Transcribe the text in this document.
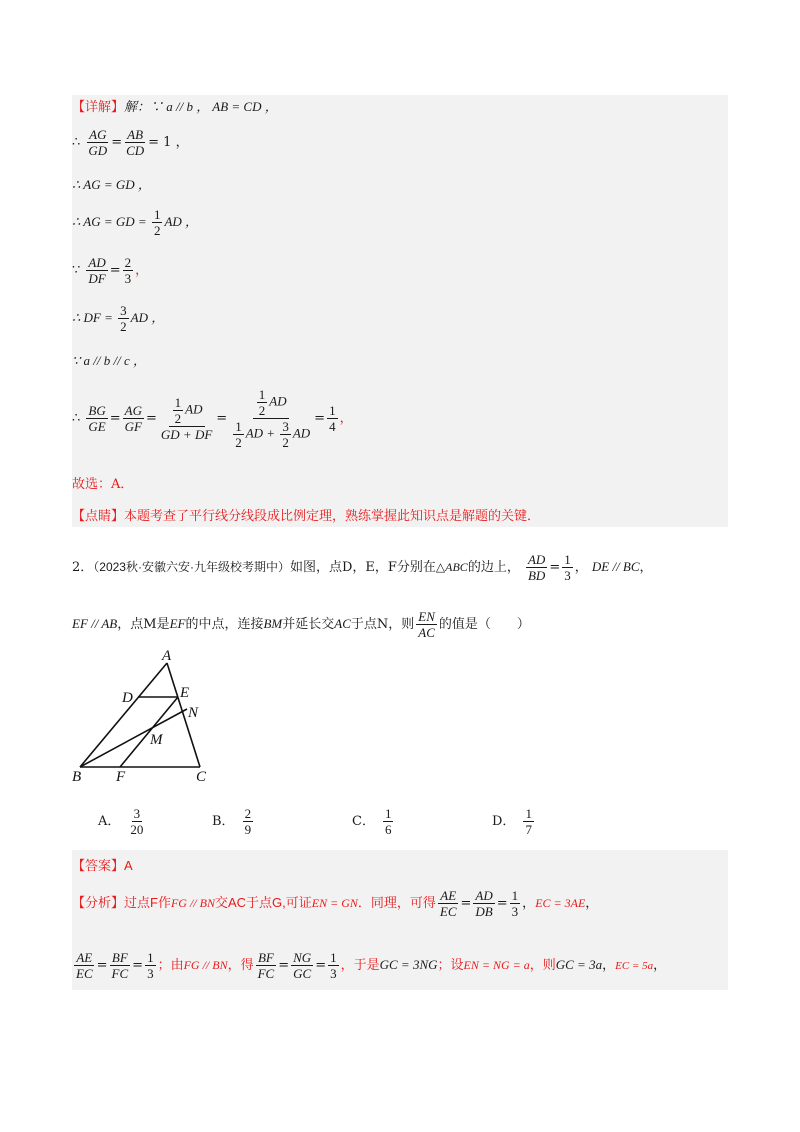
【详解】解：∵ a // b ， AB = CD ，
∴ $\frac{AG}{GD} = \frac{AB}{CD} = 1$ ，
∴ AG = GD ，
∴ AG = GD = $\frac{1}{2}$ AD ，
∵ $\frac{AD}{DF} = \frac{2}{3}$ ，
∴ DF = $\frac{3}{2}$ AD ，
∵ a // b // c ，
∴ $\frac{BG}{GE} = \frac{AG}{GF} = \frac{\frac{1}{2} AD}{GD + DF} = \frac{\frac{1}{2} AD}{\frac{1}{2} AD + \frac{3}{2} AD} = \frac{1}{4}$ ，
故选：A．
【点睛】本题考查了平行线分线段成比例定理，熟练掌握此知识点是解题的关键．
2．（2023秋·安徽六安·九年级校考期中）如图，点D，E，F分别在△ABC的边上， $\frac{AD}{BD} = \frac{1}{3}$ ， DE // BC，
EF // AB，点M是EF的中点，连接BM并延长交AC于点N，则 $\frac{EN}{AC}$ 的值是（　　）
A
D	E
N
M
B F	C
A． $\frac{3}{20}$	B． $\frac{2}{9}$	C． $\frac{1}{6}$	D． $\frac{1}{7}$
【答案】A
【分析】过点F作FG // BN交AC于点G,可证EN = GN．同理，可得 $\frac{AE}{EC} = \frac{AD}{DB} = \frac{1}{3}$ ，EC = 3AE，
$\frac{AE}{EC} = \frac{BF}{FC} = \frac{1}{3}$ ；由FG // BN，得 $\frac{BF}{FC} = \frac{NG}{GC} = \frac{1}{3}$ ，于是GC = 3NG；设EN = NG = a，则GC = 3a，EC = 5a，
